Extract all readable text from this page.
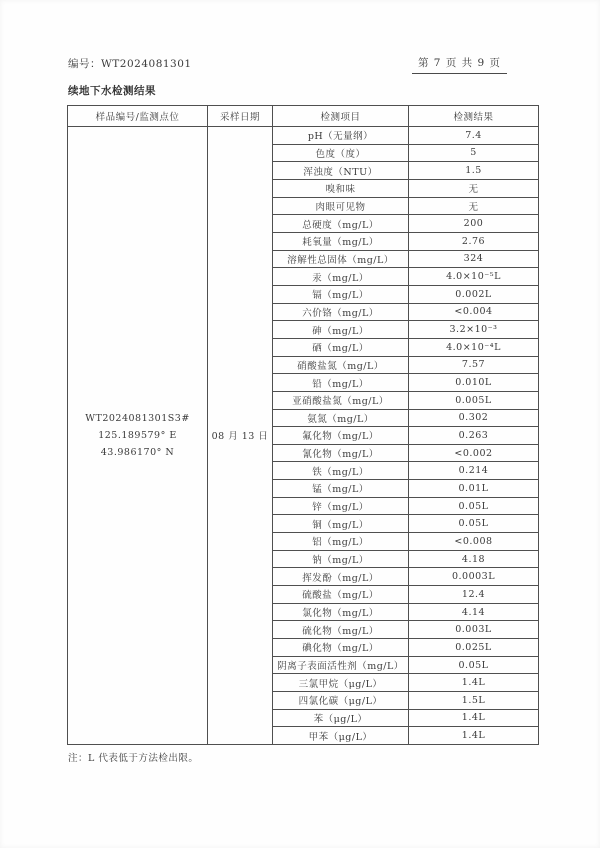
编号：WT2024081301	第 7 页 共 9 页
续地下水检测结果
样品编号/监测点位	采样日期	检测项目	检测结果

WT2024081301S3#
125.189579° E
43.986170° N	08 月 13 日	pH（无量纲）	7.4
		色度（度）	5
		浑浊度（NTU）	1.5
		嗅和味	无
		肉眼可见物	无
		总硬度（mg/L）	200
		耗氧量（mg/L）	2.76
		溶解性总固体（mg/L）	324
		汞（mg/L）	4.0×10⁻⁵L
		镉（mg/L）	0.002L
		六价铬（mg/L）	<0.004
		砷（mg/L）	3.2×10⁻³
		硒（mg/L）	4.0×10⁻⁴L
		硝酸盐氮（mg/L）	7.57
		铅（mg/L）	0.010L
		亚硝酸盐氮（mg/L）	0.005L
		氨氮（mg/L）	0.302
		氟化物（mg/L）	0.263
		氰化物（mg/L）	<0.002
		铁（mg/L）	0.214
		锰（mg/L）	0.01L
		锌（mg/L）	0.05L
		铜（mg/L）	0.05L
		铝（mg/L）	<0.008
		钠（mg/L）	4.18
		挥发酚（mg/L）	0.0003L
		硫酸盐（mg/L）	12.4
		氯化物（mg/L）	4.14
		硫化物（mg/L）	0.003L
		碘化物（mg/L）	0.025L
		阴离子表面活性剂（mg/L）	0.05L
		三氯甲烷（μg/L）	1.4L
		四氯化碳（μg/L）	1.5L
		苯（μg/L）	1.4L
		甲苯（μg/L）	1.4L
注：L 代表低于方法检出限。
